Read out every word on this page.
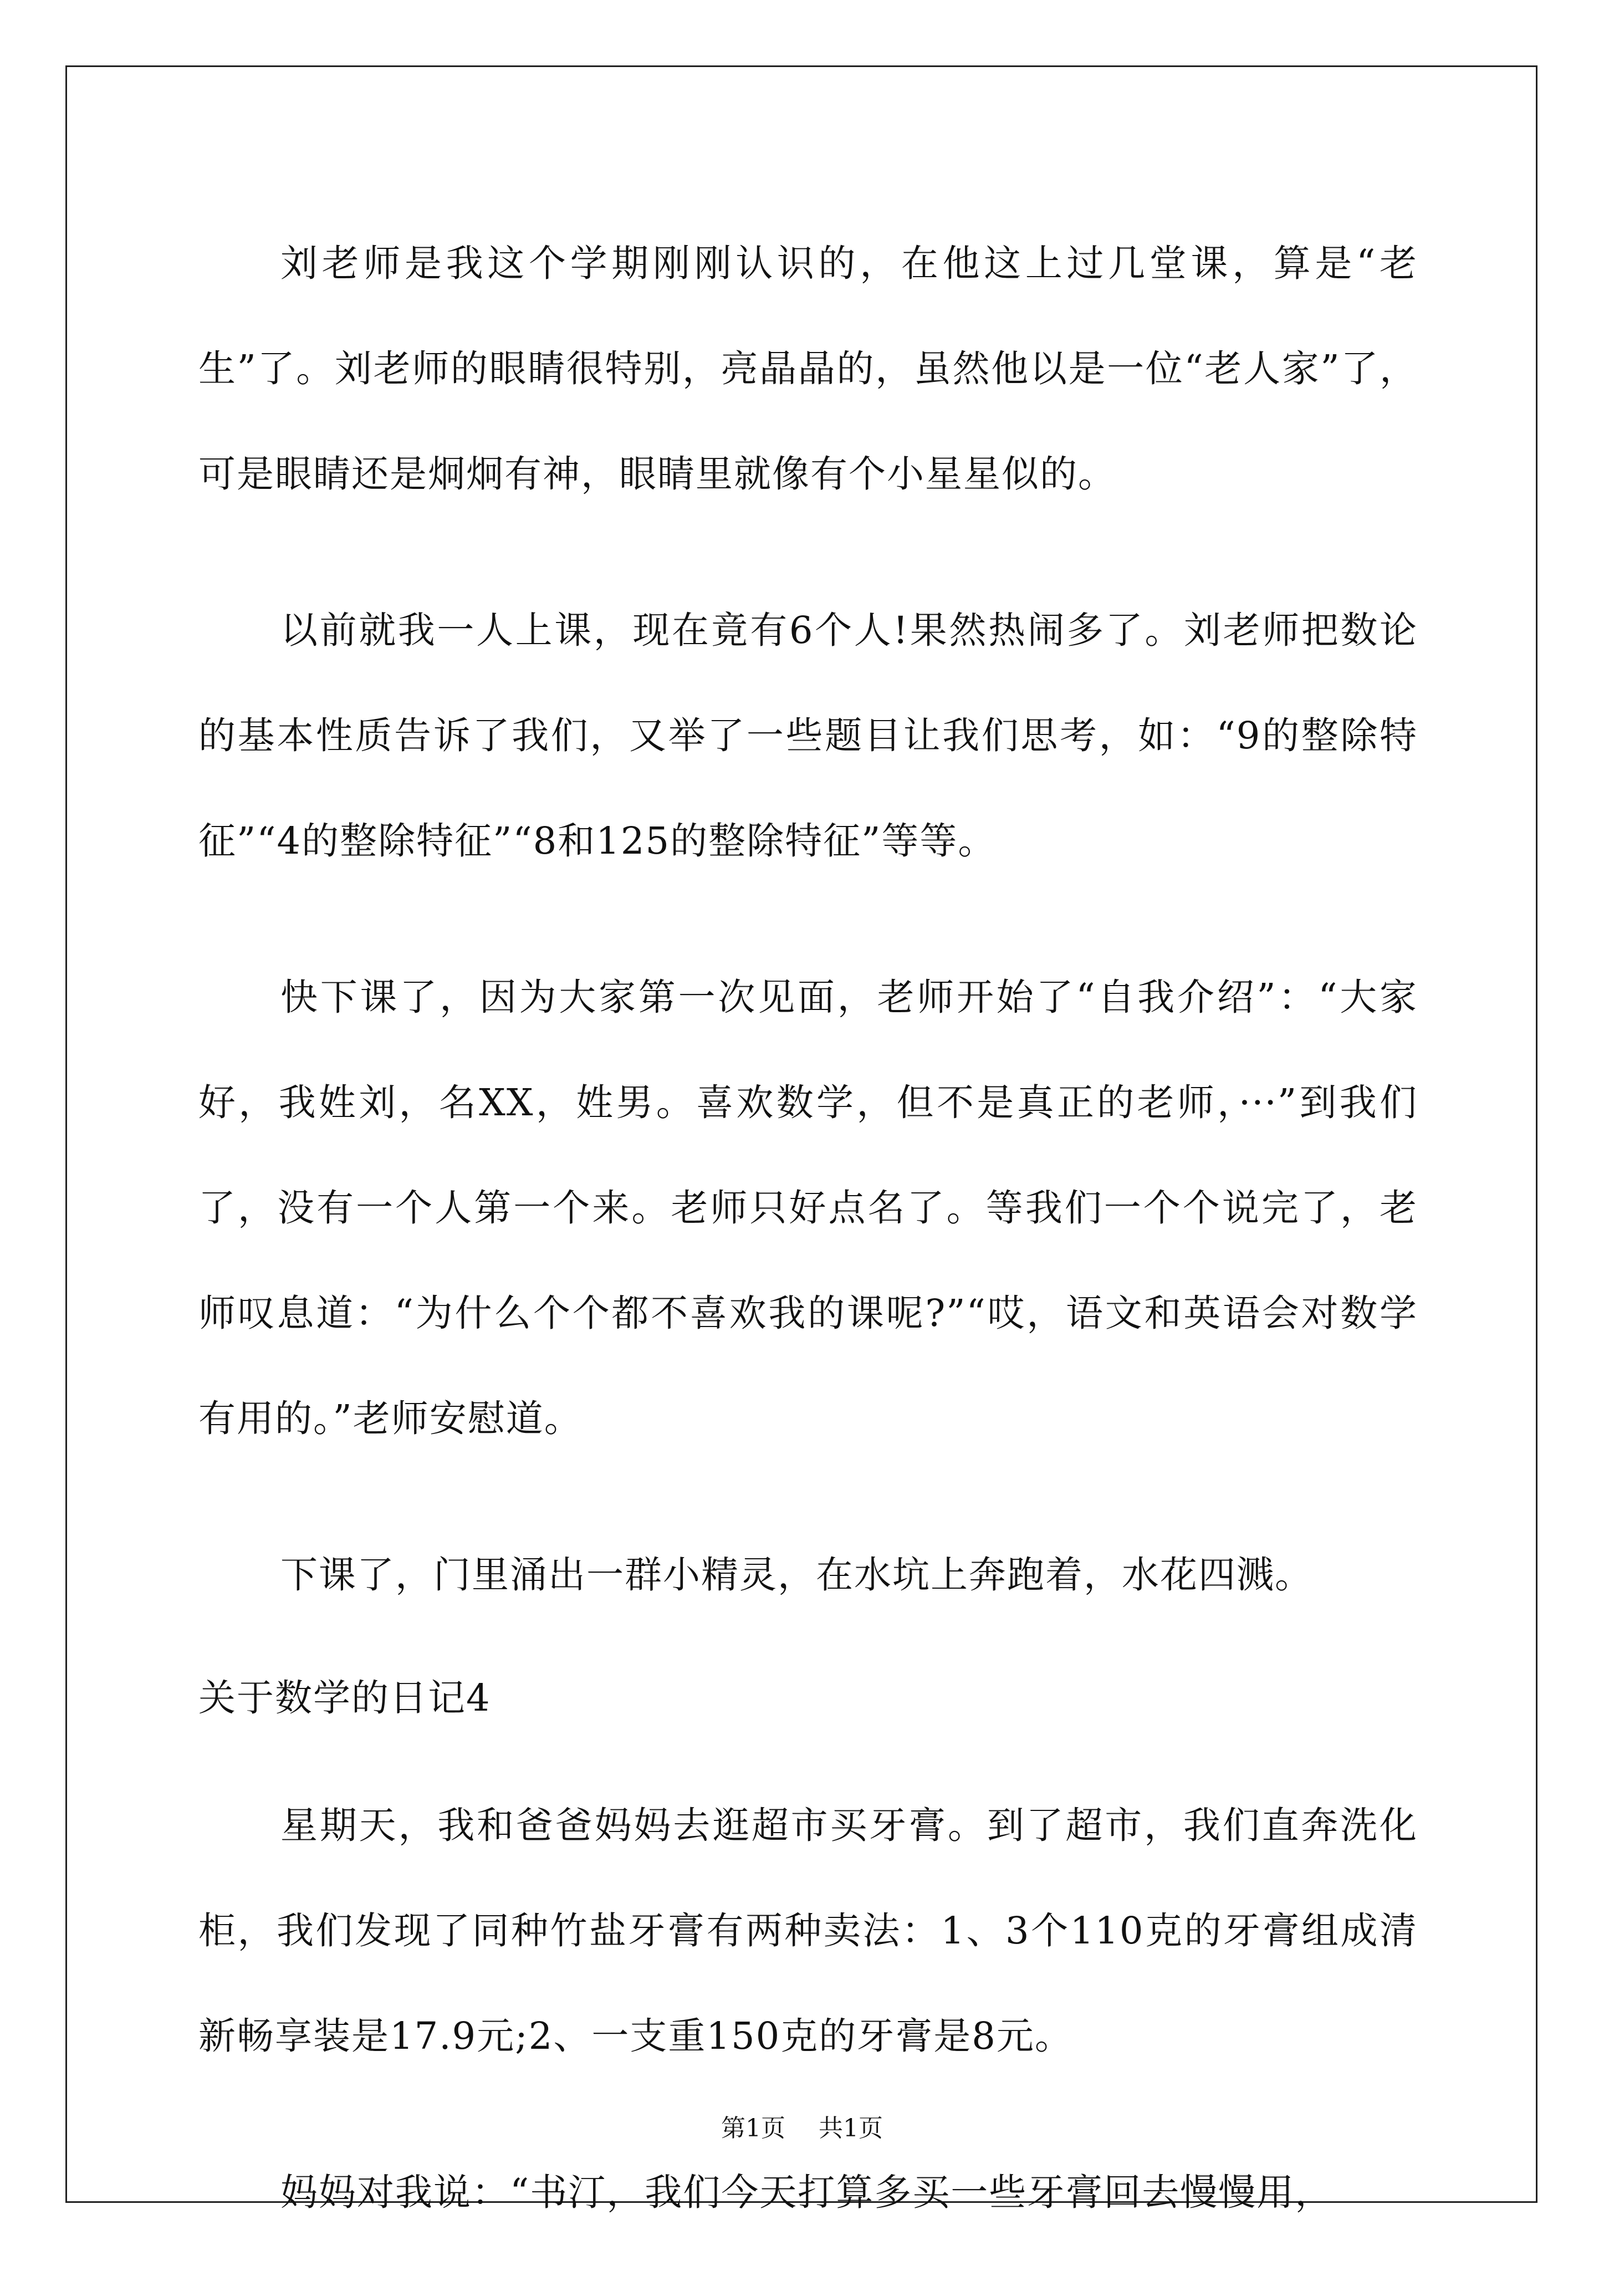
刘老师是我这个学期刚刚认识的，在他这上过几堂课，算是“老生”了。刘老师的眼睛很特别，亮晶晶的，虽然他以是一位“老人家”了，可是眼睛还是炯炯有神，眼睛里就像有个小星星似的。

以前就我一人上课，现在竟有6个人!果然热闹多了。刘老师把数论的基本性质告诉了我们，又举了一些题目让我们思考，如：“9的整除特征”“4的整除特征”“8和125的整除特征”等等。

快下课了，因为大家第一次见面，老师开始了“自我介绍”：“大家好，我姓刘，名XX，姓男。喜欢数学，但不是真正的老师，···”到我们了，没有一个人第一个来。老师只好点名了。等我们一个个说完了，老师叹息道：“为什么个个都不喜欢我的课呢?”“哎，语文和英语会对数学有用的。”老师安慰道。

下课了，门里涌出一群小精灵，在水坑上奔跑着，水花四溅。

关于数学的日记4

星期天，我和爸爸妈妈去逛超市买牙膏。到了超市，我们直奔洗化柜，我们发现了同种竹盐牙膏有两种卖法：1、3个110克的牙膏组成清新畅享装是17.9元;2、一支重150克的牙膏是8元。

妈妈对我说：“书汀，我们今天打算多买一些牙膏回去慢慢用，

第1页 共1页
